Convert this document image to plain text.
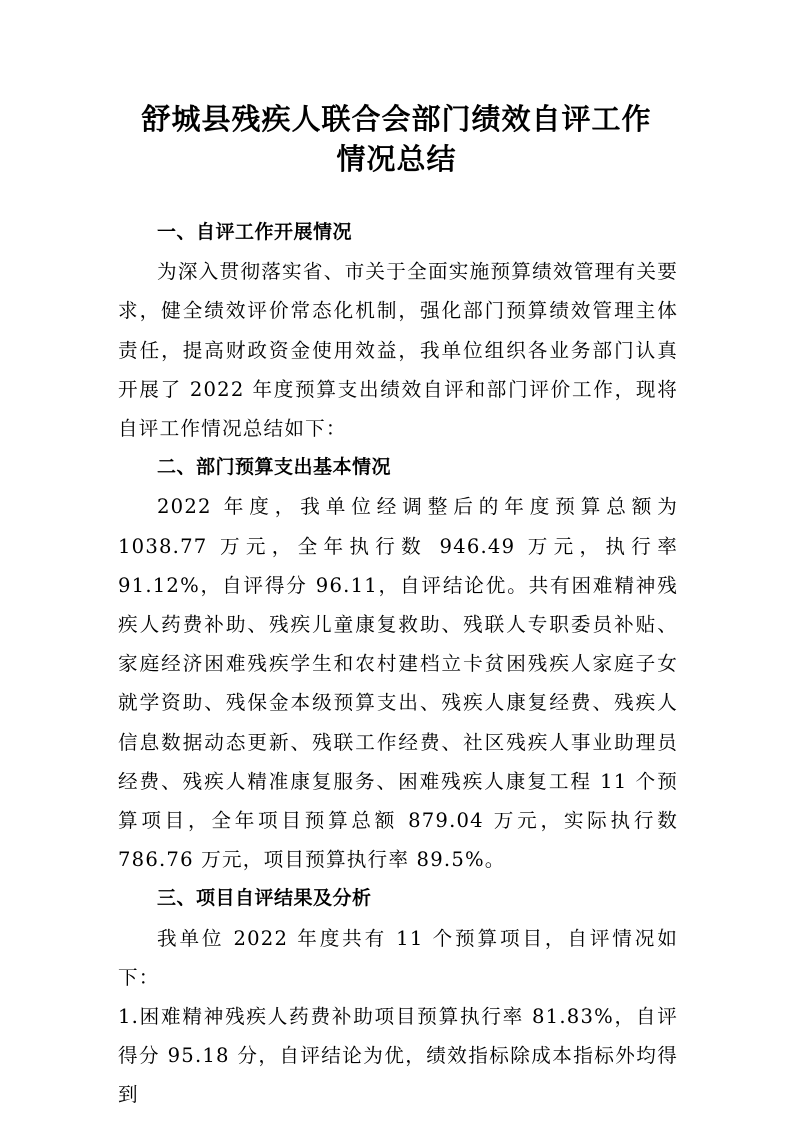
舒城县残疾人联合会部门绩效自评工作
情况总结
一、自评工作开展情况

为深入贯彻落实省、市关于全面实施预算绩效管理有关要求，健全绩效评价常态化机制，强化部门预算绩效管理主体责任，提高财政资金使用效益，我单位组织各业务部门认真开展了 2022 年度预算支出绩效自评和部门评价工作，现将自评工作情况总结如下：

二、部门预算支出基本情况

2022 年度，我单位经调整后的年度预算总额为 1038.77 万元，全年执行数 946.49 万元，执行率 91.12%，自评得分 96.11，自评结论优。共有困难精神残疾人药费补助、残疾儿童康复救助、残联人专职委员补贴、家庭经济困难残疾学生和农村建档立卡贫困残疾人家庭子女就学资助、残保金本级预算支出、残疾人康复经费、残疾人信息数据动态更新、残联工作经费、社区残疾人事业助理员经费、残疾人精准康复服务、困难残疾人康复工程 11 个预算项目，全年项目预算总额 879.04 万元，实际执行数 786.76 万元，项目预算执行率 89.5%。

三、项目自评结果及分析

我单位 2022 年度共有 11 个预算项目，自评情况如下：

1.困难精神残疾人药费补助项目预算执行率 81.83%，自评得分 95.18 分，自评结论为优，绩效指标除成本指标外均得到
